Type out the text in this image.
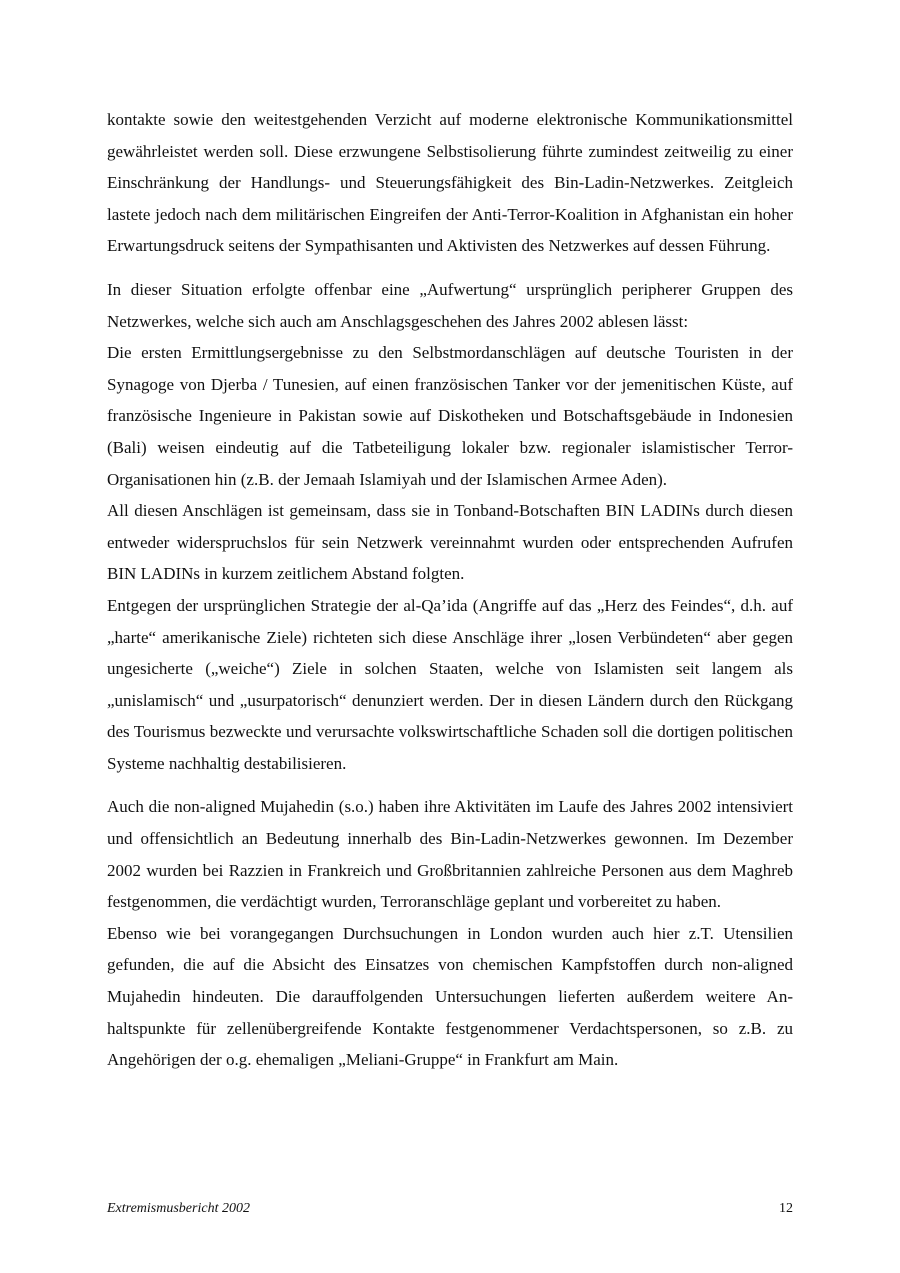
kontakte sowie den weitestgehenden Verzicht auf moderne elektronische Kommunikationsmittel gewährleistet werden soll. Diese erzwungene Selbstisolierung führte zumindest zeitweilig zu einer Einschränkung der Handlungs- und Steuerungsfähigkeit des Bin-Ladin-Netzwerkes. Zeitgleich lastete jedoch nach dem militärischen Eingreifen der Anti-Terror-Koalition in Afghanistan ein hoher Erwartungsdruck seitens der Sympathisanten und Aktivisten des Netzwerkes auf dessen Führung.

In dieser Situation erfolgte offenbar eine „Aufwertung“ ursprünglich peripherer Gruppen des Netzwerkes, welche sich auch am Anschlagsgeschehen des Jahres 2002 ablesen lässt:

Die ersten Ermittlungsergebnisse zu den Selbstmordanschlägen auf deutsche Touristen in der Synagoge von Djerba / Tunesien, auf einen französischen Tanker vor der jemenitischen Küste, auf französische Ingenieure in Pakistan sowie auf Diskotheken und Botschaftsgebäude in Indonesien (Bali) weisen eindeutig auf die Tatbeteiligung lokaler bzw. regionaler islamistischer Terror-Organisationen hin (z.B. der Jemaah Islamiyah und der Islamischen Armee Aden).

All diesen Anschlägen ist gemeinsam, dass sie in Tonband-Botschaften BIN LADINs durch diesen entweder widerspruchslos für sein Netzwerk vereinnahmt wurden oder entsprechenden Aufrufen BIN LADINs in kurzem zeitlichem Abstand folgten.

Entgegen der ursprünglichen Strategie der al-Qa’ida (Angriffe auf das „Herz des Feindes“, d.h. auf „harte“ amerikanische Ziele) richteten sich diese Anschläge ihrer „losen Verbündeten“ aber gegen ungesicherte („weiche“) Ziele in solchen Staaten, welche von Islamisten seit langem als „unislamisch“ und „usurpatorisch“ denunziert werden. Der in diesen Ländern durch den Rückgang des Tourismus bezweckte und verursachte volkswirtschaftliche Schaden soll die dortigen politischen Systeme nachhaltig destabilisieren.

Auch die non-aligned Mujahedin (s.o.) haben ihre Aktivitäten im Laufe des Jahres 2002 intensiviert und offensichtlich an Bedeutung innerhalb des Bin-Ladin-Netzwerkes gewonnen. Im Dezember 2002 wurden bei Razzien in Frankreich und Großbritannien zahlreiche Personen aus dem Maghreb festgenommen, die verdächtigt wurden, Terroranschläge geplant und vorbereitet zu haben.

Ebenso wie bei vorangegangen Durchsuchungen in London wurden auch hier z.T. Utensilien gefunden, die auf die Absicht des Einsatzes von chemischen Kampfstoffen durch non-aligned Mujahedin hindeuten. Die darauffolgenden Untersuchungen lieferten außerdem weitere Anhaltspunkte für zellenübergreifende Kontakte festgenommener Verdachtspersonen, so z.B. zu Angehörigen der o.g. ehemaligen „Meliani-Gruppe“ in Frankfurt am Main.

Extremismusbericht 2002	12
